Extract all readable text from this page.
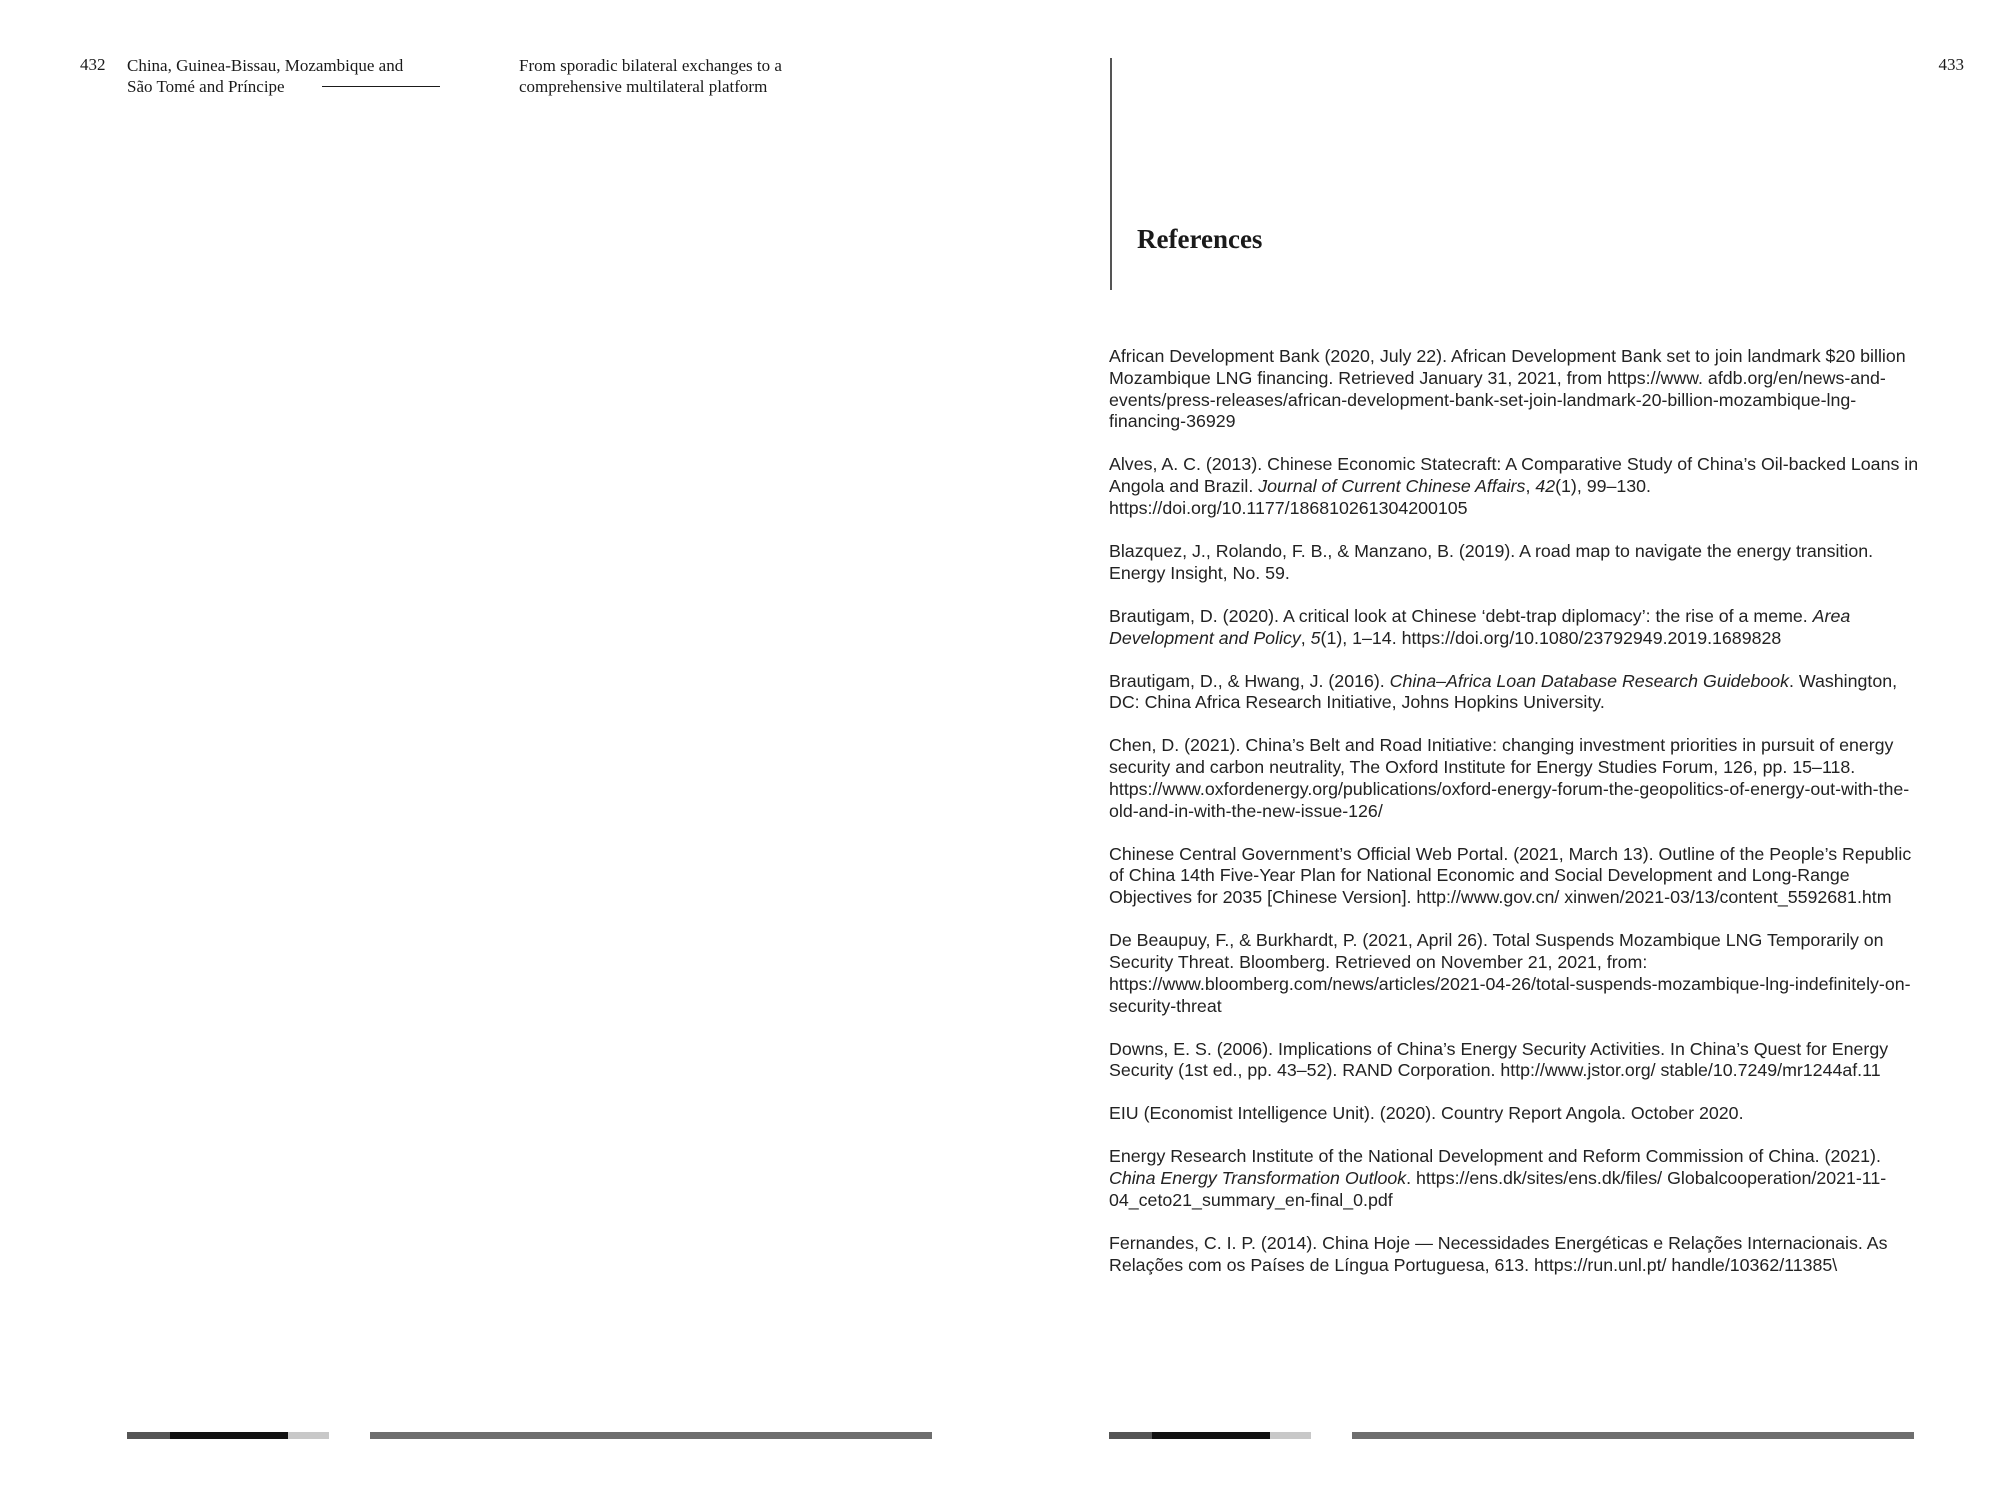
432 China, Guinea-Bissau, Mozambique and
São Tomé and Príncipe
From sporadic bilateral exchanges to a
comprehensive multilateral platform
433
References
African Development Bank (2020, July 22). African Development Bank set to join landmark $20 billion Mozambique LNG financing. Retrieved January 31, 2021, from https://www. afdb.org/en/news-and-events/press-releases/african-development-bank-set-join-landmark-20-billion-mozambique-lng-financing-36929
Alves, A. C. (2013). Chinese Economic Statecraft: A Comparative Study of China’s Oil-backed Loans in Angola and Brazil. Journal of Current Chinese Affairs, 42(1), 99–130. https://doi.org/10.1177/186810261304200105
Blazquez, J., Rolando, F. B., & Manzano, B. (2019). A road map to navigate the energy transition. Energy Insight, No. 59.
Brautigam, D. (2020). A critical look at Chinese ‘debt-trap diplomacy’: the rise of a meme. Area Development and Policy, 5(1), 1–14. https://doi.org/10.1080/23792949.2019.1689828
Brautigam, D., & Hwang, J. (2016). China–Africa Loan Database Research Guidebook. Washington, DC: China Africa Research Initiative, Johns Hopkins University.
Chen, D. (2021). China’s Belt and Road Initiative: changing investment priorities in pursuit of energy security and carbon neutrality, The Oxford Institute for Energy Studies Forum, 126, pp. 15–118. https://www.oxfordenergy.org/publications/oxford-energy-forum-the-geopolitics-of-energy-out-with-the-old-and-in-with-the-new-issue-126/
Chinese Central Government’s Official Web Portal. (2021, March 13). Outline of the People’s Republic of China 14th Five-Year Plan for National Economic and Social Development and Long-Range Objectives for 2035 [Chinese Version]. http://www.gov.cn/ xinwen/2021-03/13/content_5592681.htm
De Beaupuy, F., & Burkhardt, P. (2021, April 26). Total Suspends Mozambique LNG Temporarily on Security Threat. Bloomberg. Retrieved on November 21, 2021, from: https://www.bloomberg.com/news/articles/2021-04-26/total-suspends-mozambique-lng-indefinitely-on-security-threat
Downs, E. S. (2006). Implications of China’s Energy Security Activities. In China’s Quest for Energy Security (1st ed., pp. 43–52). RAND Corporation. http://www.jstor.org/ stable/10.7249/mr1244af.11
EIU (Economist Intelligence Unit). (2020). Country Report Angola. October 2020.
Energy Research Institute of the National Development and Reform Commission of China. (2021). China Energy Transformation Outlook. https://ens.dk/sites/ens.dk/files/ Globalcooperation/2021-11-04_ceto21_summary_en-final_0.pdf
Fernandes, C. I. P. (2014). China Hoje — Necessidades Energéticas e Relações Internacionais. As Relações com os Países de Língua Portuguesa, 613. https://run.unl.pt/ handle/10362/11385\
